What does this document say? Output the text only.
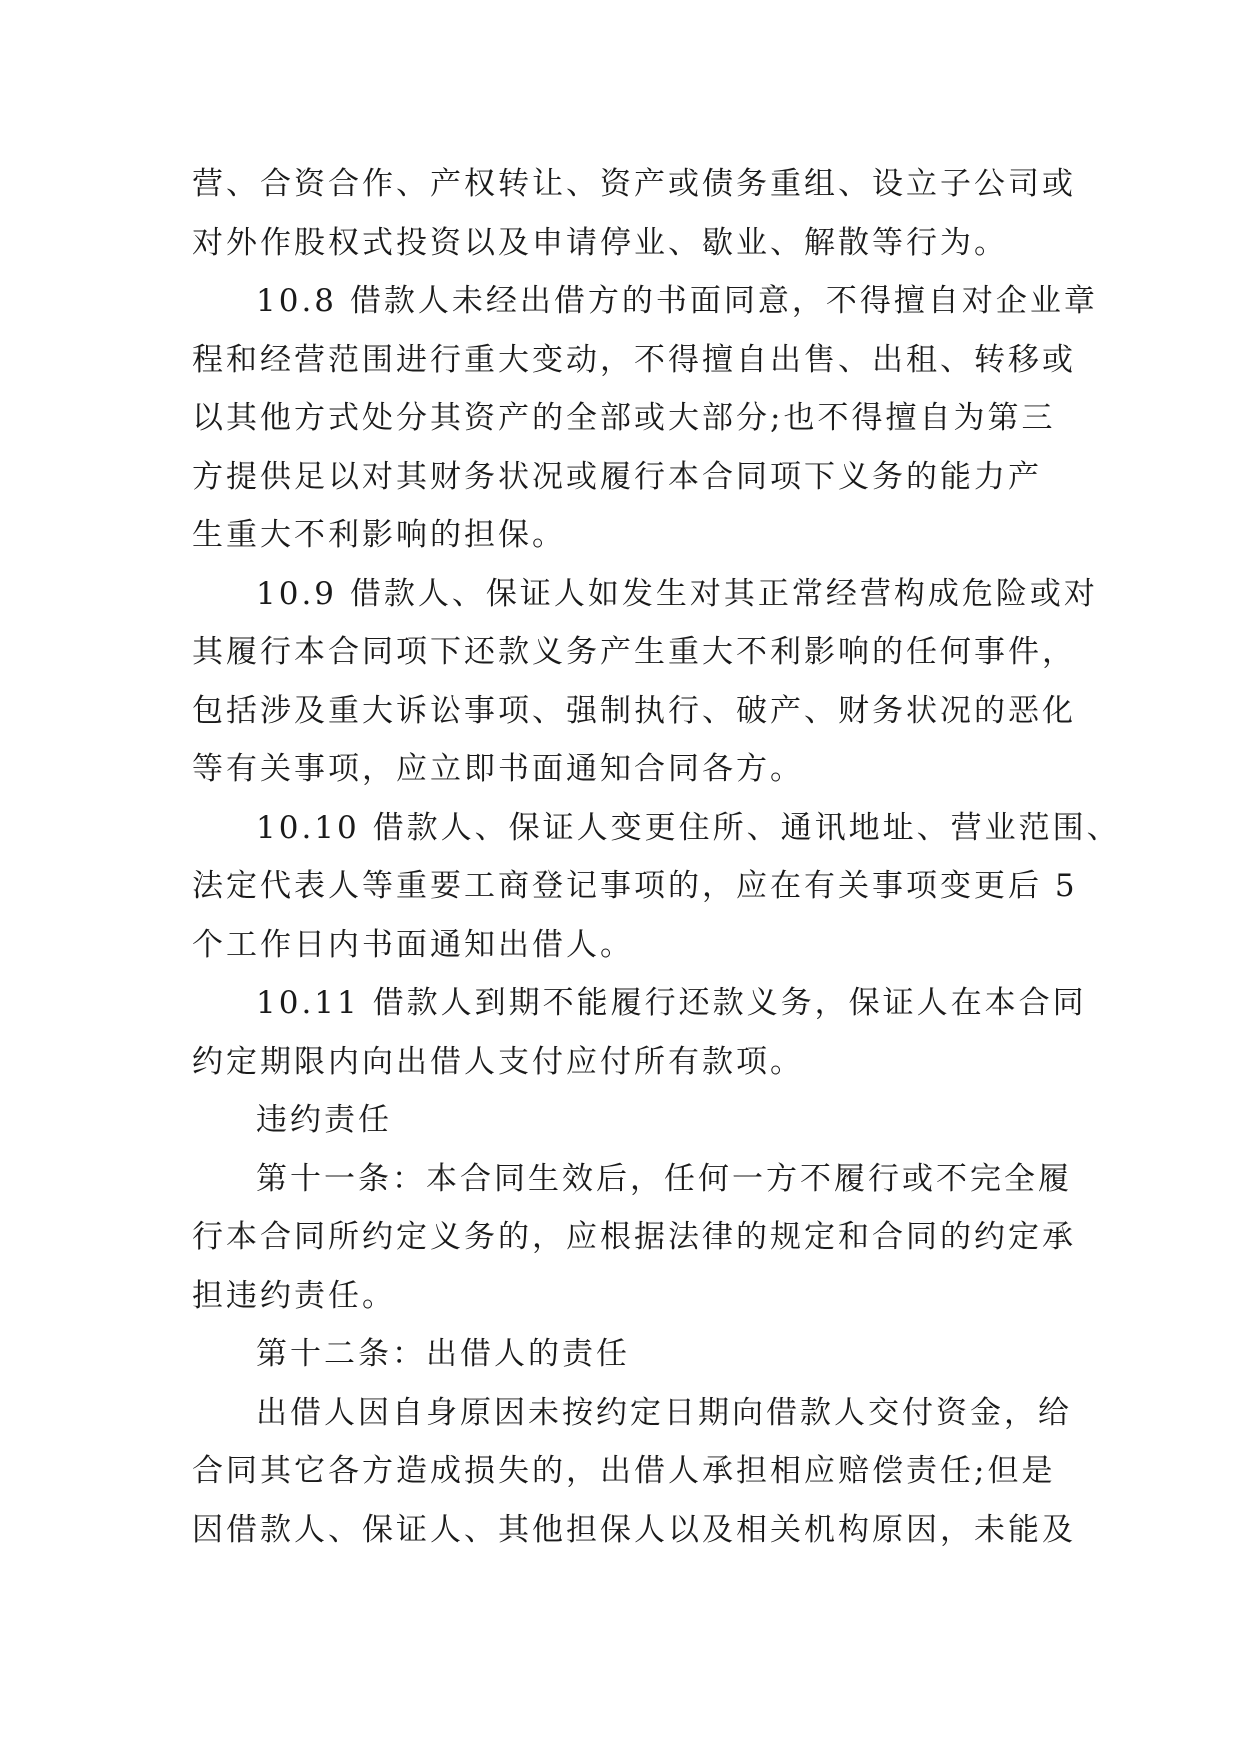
营、合资合作、产权转让、资产或债务重组、设立子公司或
对外作股权式投资以及申请停业、歇业、解散等行为。
10.8 借款人未经出借方的书面同意，不得擅自对企业章
程和经营范围进行重大变动，不得擅自出售、出租、转移或
以其他方式处分其资产的全部或大部分;也不得擅自为第三
方提供足以对其财务状况或履行本合同项下义务的能力产
生重大不利影响的担保。
10.9 借款人、保证人如发生对其正常经营构成危险或对
其履行本合同项下还款义务产生重大不利影响的任何事件，
包括涉及重大诉讼事项、强制执行、破产、财务状况的恶化
等有关事项，应立即书面通知合同各方。
10.10 借款人、保证人变更住所、通讯地址、营业范围、
法定代表人等重要工商登记事项的，应在有关事项变更后 5
个工作日内书面通知出借人。
10.11 借款人到期不能履行还款义务，保证人在本合同
约定期限内向出借人支付应付所有款项。
违约责任
第十一条：本合同生效后，任何一方不履行或不完全履
行本合同所约定义务的，应根据法律的规定和合同的约定承
担违约责任。
第十二条：出借人的责任
出借人因自身原因未按约定日期向借款人交付资金，给
合同其它各方造成损失的，出借人承担相应赔偿责任;但是
因借款人、保证人、其他担保人以及相关机构原因，未能及
